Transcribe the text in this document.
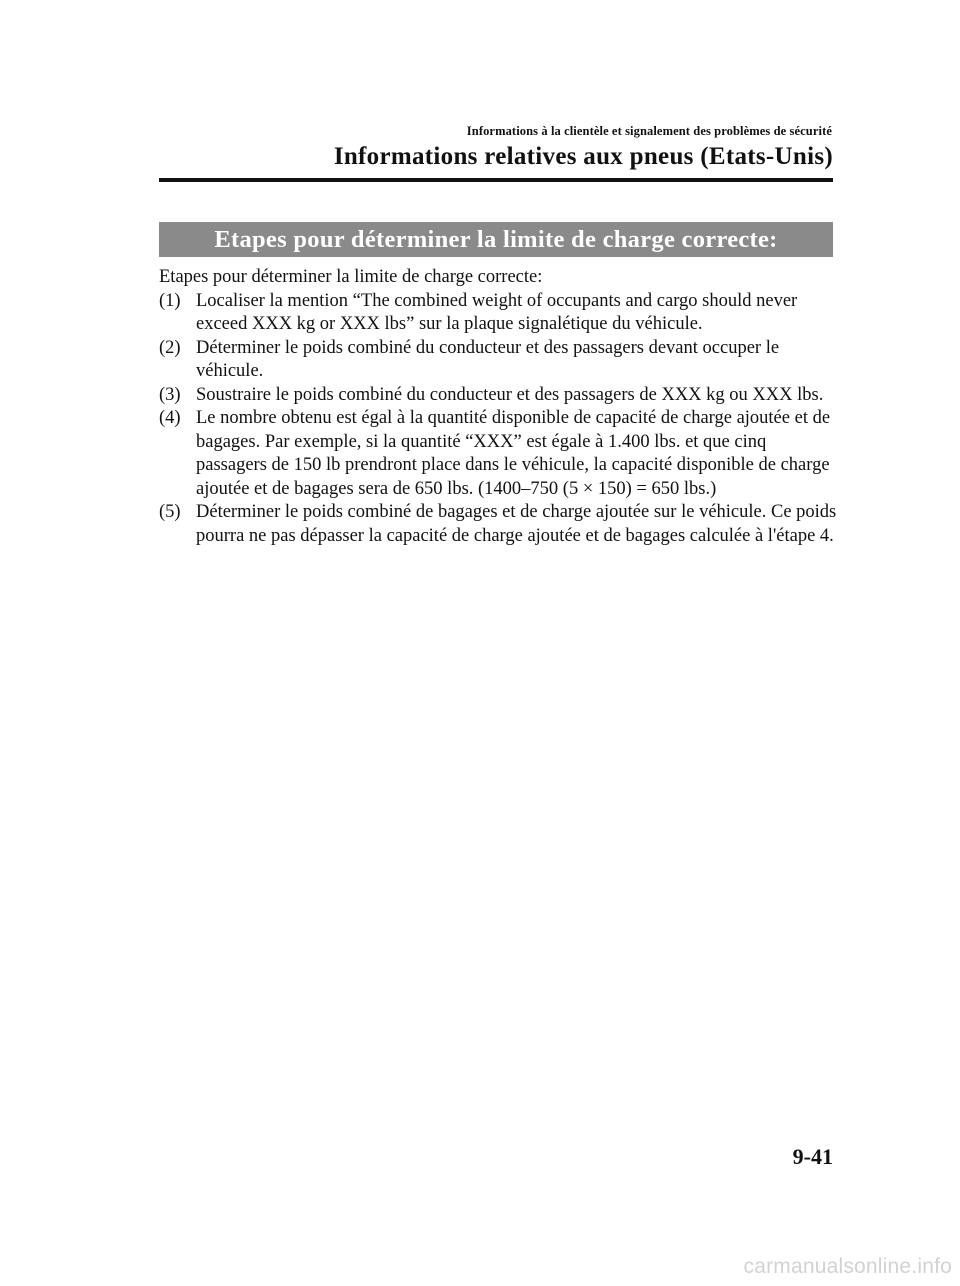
Informations à la clientèle et signalement des problèmes de sécurité
Informations relatives aux pneus (Etats-Unis)
Etapes pour déterminer la limite de charge correcte:

Etapes pour déterminer la limite de charge correcte:

(1) Localiser la mention “The combined weight of occupants and cargo should never exceed XXX kg or XXX lbs” sur la plaque signalétique du véhicule.
(2) Déterminer le poids combiné du conducteur et des passagers devant occuper le véhicule.
(3) Soustraire le poids combiné du conducteur et des passagers de XXX kg ou XXX lbs.
(4) Le nombre obtenu est égal à la quantité disponible de capacité de charge ajoutée et de bagages. Par exemple, si la quantité “XXX” est égale à 1.400 lbs. et que cinq passagers de 150 lb prendront place dans le véhicule, la capacité disponible de charge ajoutée et de bagages sera de 650 lbs. (1400–750 (5 × 150) = 650 lbs.)
(5) Déterminer le poids combiné de bagages et de charge ajoutée sur le véhicule. Ce poids pourra ne pas dépasser la capacité de charge ajoutée et de bagages calculée à l'étape 4.
9-41
carmanualsonline.info
